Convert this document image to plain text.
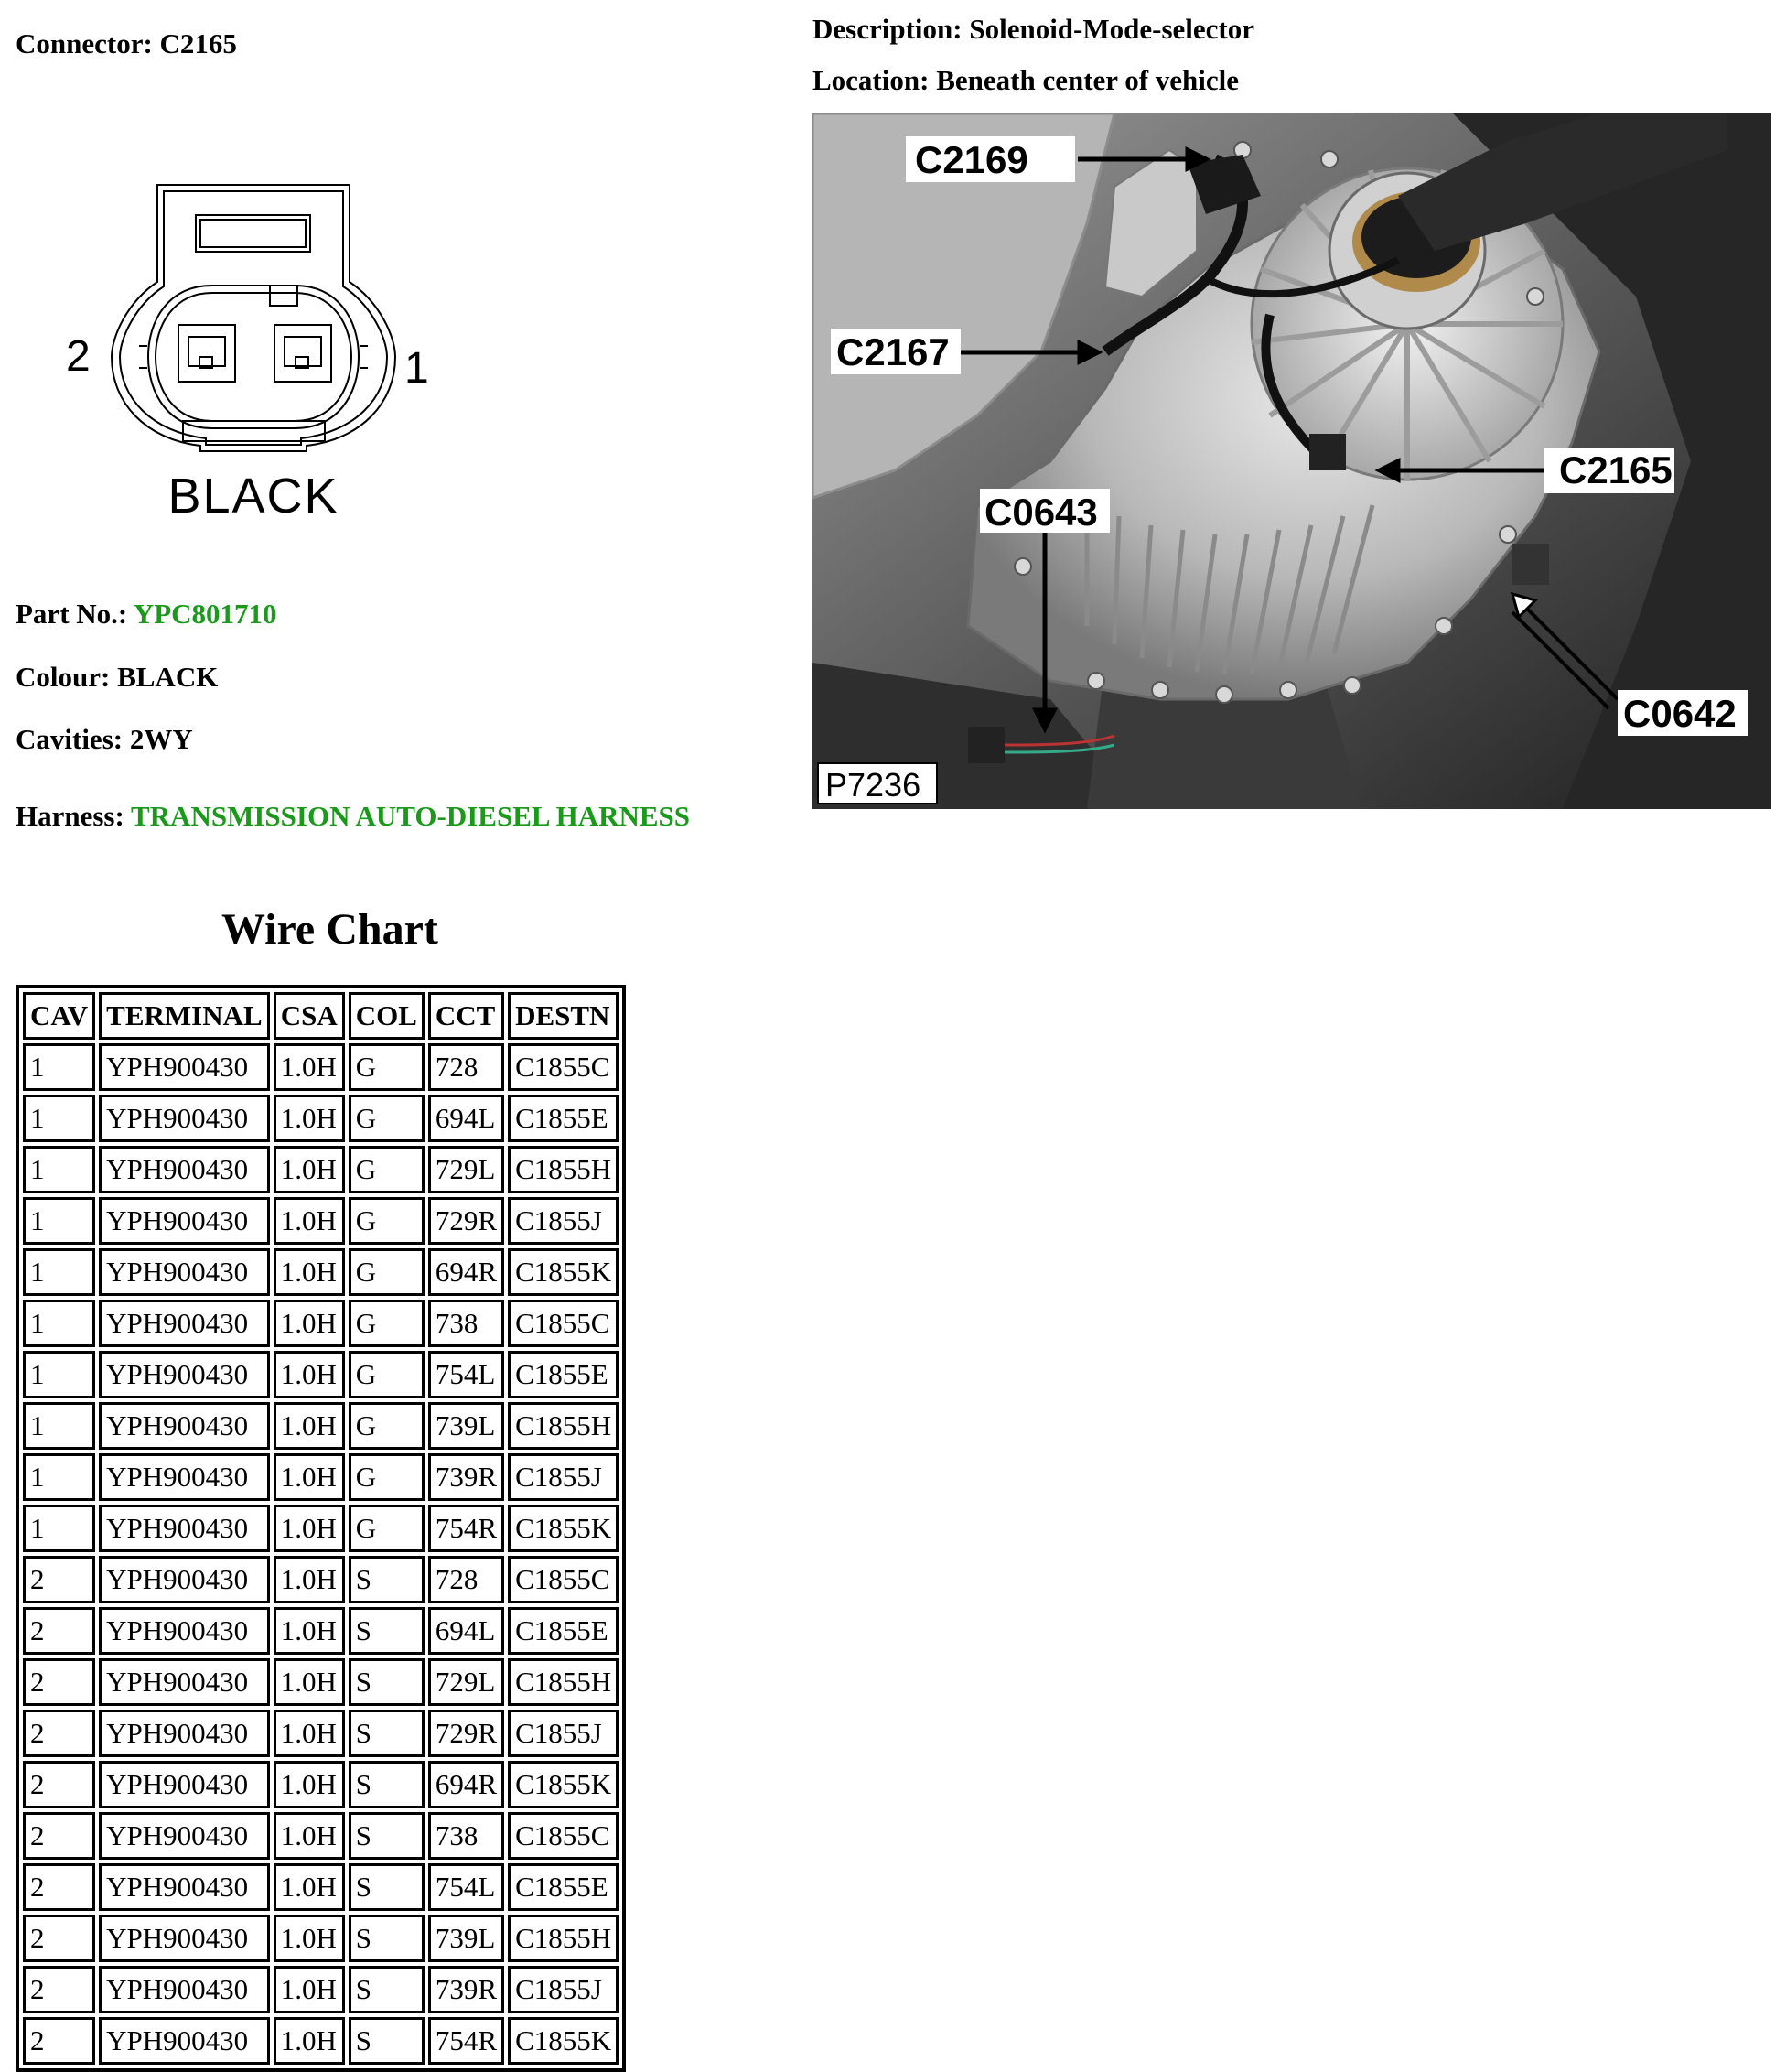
Connector: C2165
2	1
BLACK
Part No.: YPC801710
Colour: BLACK
Cavities: 2WY
Harness: TRANSMISSION AUTO-DIESEL HARNESS
Description: Solenoid-Mode-selector
Location: Beneath center of vehicle
C2169
C2167
C2165
C0643
C0642
P7236
Wire Chart
CAV	TERMINAL	CSA	COL	CCT	DESTN
1	YPH900430	1.0H	G	728	C1855C
1	YPH900430	1.0H	G	694L	C1855E
1	YPH900430	1.0H	G	729L	C1855H
1	YPH900430	1.0H	G	729R	C1855J
1	YPH900430	1.0H	G	694R	C1855K
1	YPH900430	1.0H	G	738	C1855C
1	YPH900430	1.0H	G	754L	C1855E
1	YPH900430	1.0H	G	739L	C1855H
1	YPH900430	1.0H	G	739R	C1855J
1	YPH900430	1.0H	G	754R	C1855K
2	YPH900430	1.0H	S	728	C1855C
2	YPH900430	1.0H	S	694L	C1855E
2	YPH900430	1.0H	S	729L	C1855H
2	YPH900430	1.0H	S	729R	C1855J
2	YPH900430	1.0H	S	694R	C1855K
2	YPH900430	1.0H	S	738	C1855C
2	YPH900430	1.0H	S	754L	C1855E
2	YPH900430	1.0H	S	739L	C1855H
2	YPH900430	1.0H	S	739R	C1855J
2	YPH900430	1.0H	S	754R	C1855K
